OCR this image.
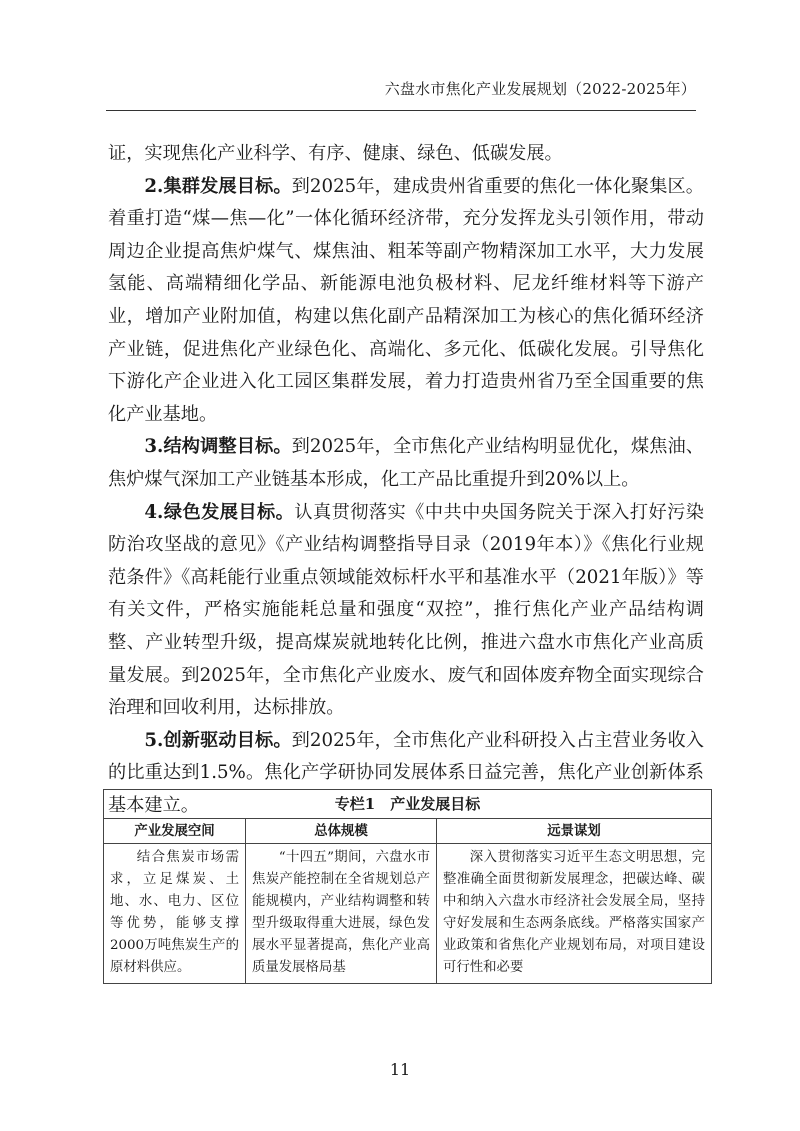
六盘水市焦化产业发展规划（2022-2025年）

证，实现焦化产业科学、有序、健康、绿色、低碳发展。

2.集群发展目标。到2025年，建成贵州省重要的焦化一体化聚集区。着重打造“煤—焦—化”一体化循环经济带，充分发挥龙头引领作用，带动周边企业提高焦炉煤气、煤焦油、粗苯等副产物精深加工水平，大力发展氢能、高端精细化学品、新能源电池负极材料、尼龙纤维材料等下游产业，增加产业附加值，构建以焦化副产品精深加工为核心的焦化循环经济产业链，促进焦化产业绿色化、高端化、多元化、低碳化发展。引导焦化下游化产企业进入化工园区集群发展，着力打造贵州省乃至全国重要的焦化产业基地。

3.结构调整目标。到2025年，全市焦化产业结构明显优化，煤焦油、焦炉煤气深加工产业链基本形成，化工产品比重提升到20%以上。

4.绿色发展目标。认真贯彻落实《中共中央国务院关于深入打好污染防治攻坚战的意见》《产业结构调整指导目录（2019年本）》《焦化行业规范条件》《高耗能行业重点领域能效标杆水平和基准水平（2021年版）》等有关文件，严格实施能耗总量和强度“双控”，推行焦化产业产品结构调整、产业转型升级，提高煤炭就地转化比例，推进六盘水市焦化产业高质量发展。到2025年，全市焦化产业废水、废气和固体废弃物全面实现综合治理和回收利用，达标排放。

5.创新驱动目标。到2025年，全市焦化产业科研投入占主营业务收入的比重达到1.5%。焦化产学研协同发展体系日益完善，焦化产业创新体系基本建立。	专栏1　产业发展目标		
产业发展空间	总体规模	远景谋划
结合焦炭市场需求，立足煤炭、土地、水、电力、区位等优势，能够支撑2000万吨焦炭生产的原材料供应。	“十四五”期间，六盘水市焦炭产能控制在全省规划总产能规模内，产业结构调整和转型升级取得重大进展，绿色发展水平显著提高，焦化产业高质量发展格局基	深入贯彻落实习近平生态文明思想，完整准确全面贯彻新发展理念，把碳达峰、碳中和纳入六盘水市经济社会发展全局，坚持守好发展和生态两条底线。严格落实国家产业政策和省焦化产业规划布局，对项目建设可行性和必要
11
